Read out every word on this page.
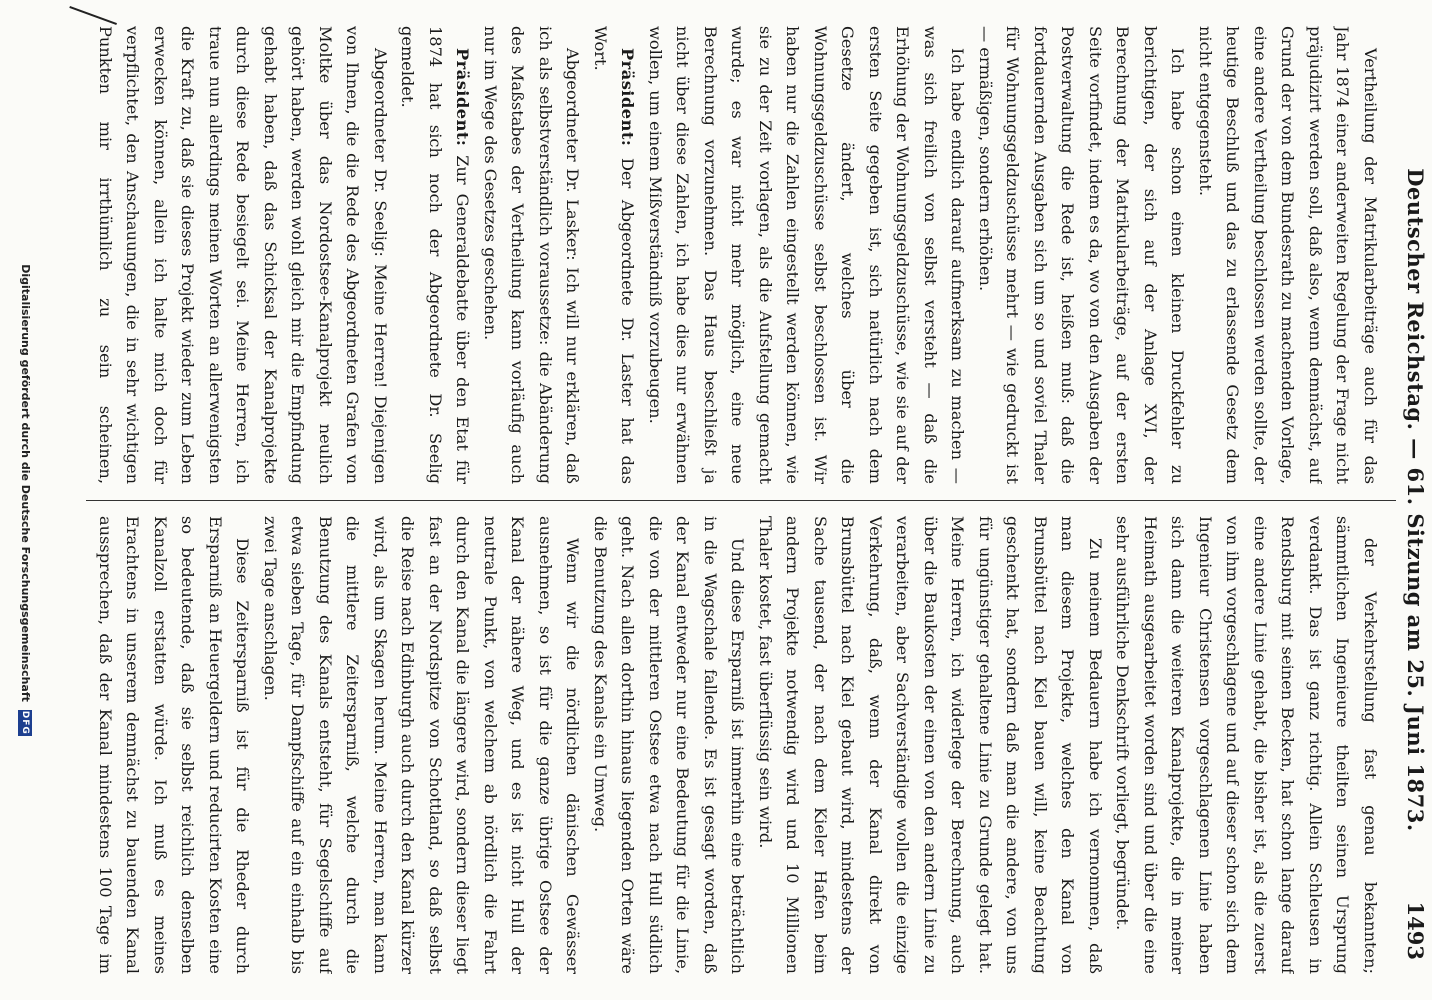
Deutscher Reichstag. — 61. Sitzung am 25. Juni 1873.
1493

Vertheilung der Matrikularbeiträge auch für das Jahr 1874 einer anderweiten Regelung der Frage nicht präjudizirt werden soll, daß also, wenn demnächst, auf Grund der von dem Bundesrath zu machenden Vorlage, eine andere Vertheilung beschlossen werden sollte, der heutige Beschluß und das zu erlassende Gesetz dem nicht entgegensteht.

Ich habe schon einen kleinen Druckfehler zu berichtigen, der sich auf der Anlage XVI, der Berechnung der Matrikularbeiträge, auf der ersten Seite vorfindet, indem es da, wo von den Ausgaben der Postverwaltung die Rede ist, heißen muß: daß die fortdauernden Ausgaben sich um so und soviel Thaler für Wohnungsgeldzuschüsse mehrt — wie gedruckt ist — ermäßigen, sondern erhöhen.

Ich habe endlich darauf aufmerksam zu machen — was sich freilich von selbst versteht — daß die Erhöhung der Wohnungsgeldzuschüsse, wie sie auf der ersten Seite gegeben ist, sich natürlich nach dem Gesetze ändert, welches über die Wohnungsgeldzuschüsse selbst beschlossen ist. Wir haben nur die Zahlen eingestellt werden können, wie sie zu der Zeit vorlagen, als die Aufstellung gemacht wurde; es war nicht mehr möglich, eine neue Berechnung vorzunehmen. Das Haus beschließt ja nicht über diese Zahlen, ich habe dies nur erwähnen wollen, um einem Mißverständniß vorzubeugen.

Präsident: Der Abgeordnete Dr. Laster hat das Wort.

Abgeordneter Dr. Lasker: Ich will nur erklären, daß ich als selbstverständlich voraussetze: die Abänderung des Maßstabes der Vertheilung kann vorläufig auch nur im Wege des Gesetzes geschehen.

Präsident: Zur Generaldebatte über den Etat für 1874 hat sich noch der Abgeordnete Dr. Seelig gemeldet.

Abgeordneter Dr. Seelig: Meine Herren! Diejenigen von Ihnen, die die Rede des Abgeordneten Grafen von Moltke über das Nordostsee-Kanalprojekt neulich gehört haben, werden wohl gleich mir die Empfindung gehabt haben, daß das Schicksal der Kanalprojekte durch diese Rede besiegelt sei. Meine Herren, ich traue nun allerdings meinen Worten an allerwenigsten die Kraft zu, daß sie dieses Projekt wieder zum Leben erwecken können, allein ich halte mich doch für verpflichtet, den Anschauungen, die in sehr wichtigen Punkten mir irrthümlich zu sein scheinen,

der Verkehrstellung fast genau bekannten; sämmtlichen Ingenieure theilten seinen Ursprung verdankt. Das ist ganz richtig. Allein Schleusen in Rendsburg mit seinen Becken, hat schon lange darauf eine andere Linie gehabt, die bisher ist, als die zuerst von ihm vorgeschlagene und auf dieser schon sich dem Ingenieur Christensen vorgeschlagenen Linie haben sich dann die weiteren Kanalprojekte, die in meiner Heimath ausgearbeitet worden sind und über die eine sehr ausführliche Denkschrift vorliegt, begründet.

Zu meinem Bedauern habe ich vernommen, daß man diesem Projekte, welches den Kanal von Brunsbüttel nach Kiel bauen will, keine Beachtung geschenkt hat, sondern daß man die andere, von uns für ungünstiger gehaltene Linie zu Grunde gelegt hat. Meine Herren, ich widerlege der Berechnung, auch über die Baukosten der einen von den andern Linie zu verarbeiten, aber Sachverständige wollen die einzige Verkehrung, daß, wenn der Kanal direkt von Brunsbüttel nach Kiel gebaut wird, mindestens der Sache tausend, der nach dem Kieler Hafen beim andern Projekte notwendig wird und 10 Millionen Thaler kostet, fast überflüssig sein wird.

Und diese Ersparniß ist immerhin eine beträchtlich in die Wagschale fallende. Es ist gesagt worden, daß der Kanal entweder nur eine Bedeutung für die Linie, die von der mittleren Ostsee etwa nach Hull südlich geht. Nach allen dorthin hinaus liegenden Orten wäre die Benutzung des Kanals ein Umweg.

Wenn wir die nördlichen dänischen Gewässer ausnehmen, so ist für die ganze übrige Ostsee der Kanal der nähere Weg, und es ist nicht Hull der neutrale Punkt, von welchem ab nördlich die Fahrt durch den Kanal die längere wird, sondern dieser liegt fast an der Nordspitze von Schottland, so daß selbst die Reise nach Edinburgh auch durch den Kanal kürzer wird, als um Skagen herum. Meine Herren, man kann die mittlere Zeitersparniß, welche durch die Benutzung des Kanals entsteht, für Segelschiffe auf etwa sieben Tage, für Dampfschiffe auf ein einhalb bis zwei Tage anschlagen.

Diese Zeitersparniß ist für die Rheder durch Ersparniß an Heuergeldern und reducirten Kosten eine so bedeutende, daß sie selbst reichlich denselben Kanalzoll erstatten würde. Ich muß es meines Erachtens in unserem demnächst zu bauenden Kanal aussprechen, daß der Kanal mindestens 100 Tage im

Digitalisierung gefördert durch die Deutsche Forschungsgemeinschaft DFG
